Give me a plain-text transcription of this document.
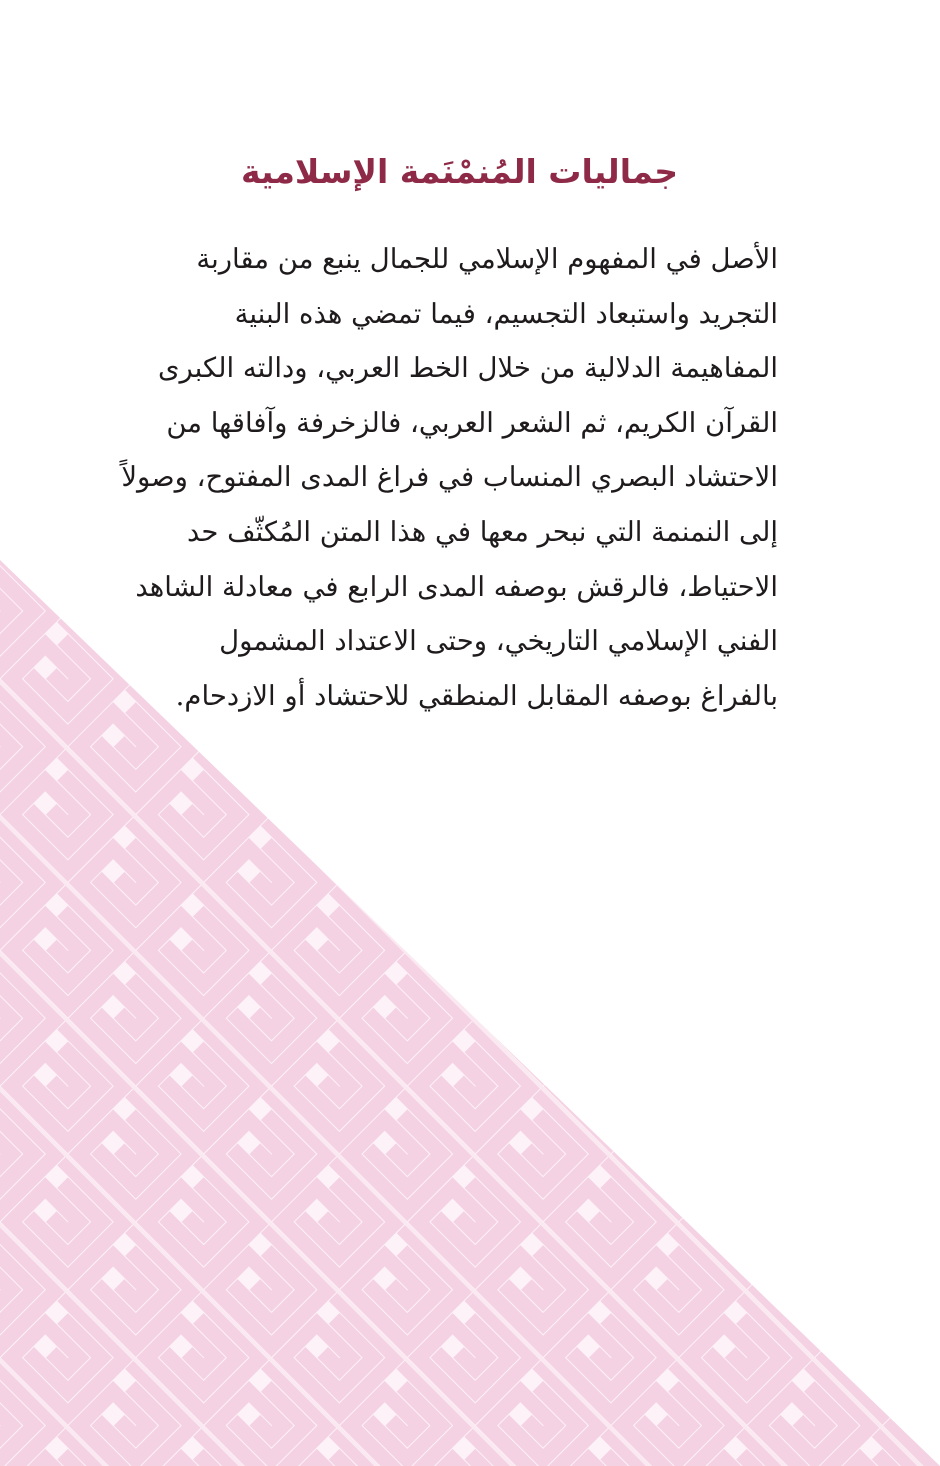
جماليات المُنمْنَمة الإسلامية
الأصل في المفهوم الإسلامي للجمال ينبع من مقاربة
التجريد واستبعاد التجسيم، فيما تمضي هذه البنية
المفاهيمة الدلالية من خلال الخط العربي، ودالته الكبرى
القرآن الكريم، ثم الشعر العربي، فالزخرفة وآفاقها من
الاحتشاد البصري المنساب في فراغ المدى المفتوح، وصولاً
إلى النمنمة التي نبحر معها في هذا المتن المُكثّف حد
الاحتياط، فالرقش بوصفه المدى الرابع في معادلة الشاهد
الفني الإسلامي التاريخي، وحتى الاعتداد المشمول
بالفراغ بوصفه المقابل المنطقي للاحتشاد أو الازدحام.
